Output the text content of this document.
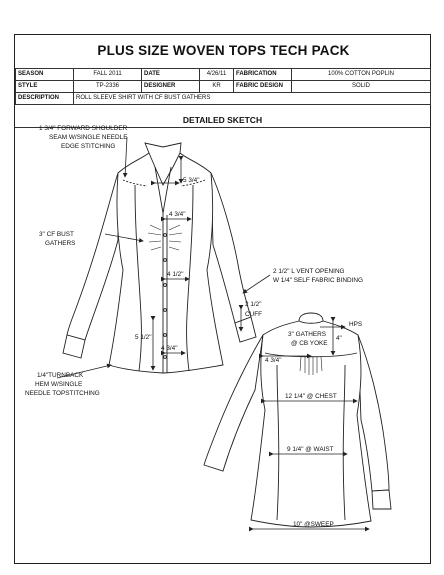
PLUS SIZE WOVEN TOPS TECH PACK
SEASON	FALL 2011	DATE	4/26/11	FABRICATION	100% COTTON POPLIN
STYLE	TP-2336	DESIGNER	KR	FABRIC DESIGN	SOLID
DESCRIPTION	ROLL SLEEVE SHIRT WITH CF BUST GATHERS				
DETAILED SKETCH
1 3/4" FORWARD SHOULDER
SEAM W/SINGLE NEEDLE
EDGE STITCHING
5 3/4"
4 3/4"
3" CF BUST
GATHERS
4 1/2"	2 1/2" L VENT OPENING
W 1/4" SELF FABRIC BINDING
2 1/2"
CUFF
5 1/2"
4 3/4"
1/4"TURNBACK
HEM W/SINGLE
NEEDLE TOPSTITCHING
HPS
4"
3" GATHERS
@ CB YOKE
4 3/4"
12 1/4" @ CHEST
9 1/4" @ WAIST
10" @SWEEP
